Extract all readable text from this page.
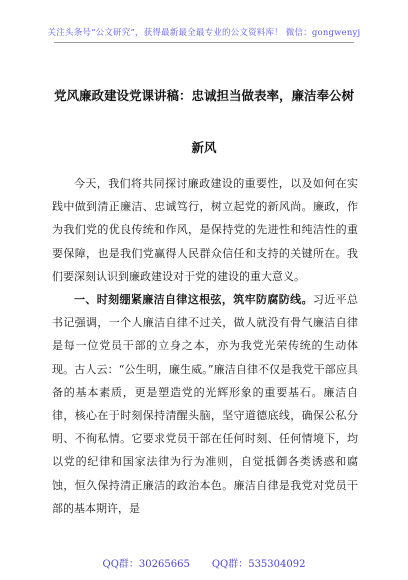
关注头条号“公文研究”，获得最新最全最专业的公文资料库！ 微信：gongwenyj
党风廉政建设党课讲稿：忠诚担当做表率，廉洁奉公树新风

今天，我们将共同探讨廉政建设的重要性，以及如何在实践中做到清正廉洁、忠诚笃行，树立起党的新风尚。廉政，作为我们党的优良传统和作风，是保持党的先进性和纯洁性的重要保障，也是我们党赢得人民群众信任和支持的关键所在。我们要深刻认识到廉政建设对于党的建设的重大意义。

一、时刻绷紧廉洁自律这根弦，筑牢防腐防线。习近平总书记强调，一个人廉洁自律不过关，做人就没有骨气廉洁自律是每一位党员干部的立身之本，亦为我党光荣传统的生动体现。古人云：“公生明，廉生威。”廉洁自律不仅是我党干部应具备的基本素质，更是塑造党的光辉形象的重要基石。廉洁自律，核心在于时刻保持清醒头脑，坚守道德底线，确保公私分明、不徇私情。它要求党员干部在任何时刻、任何情境下，均以党的纪律和国家法律为行为准则，自觉抵御各类诱惑和腐蚀，恒久保持清正廉洁的政治本色。廉洁自律是我党对党员干部的基本期许，是

QQ群：30265665 QQ群：535304092
